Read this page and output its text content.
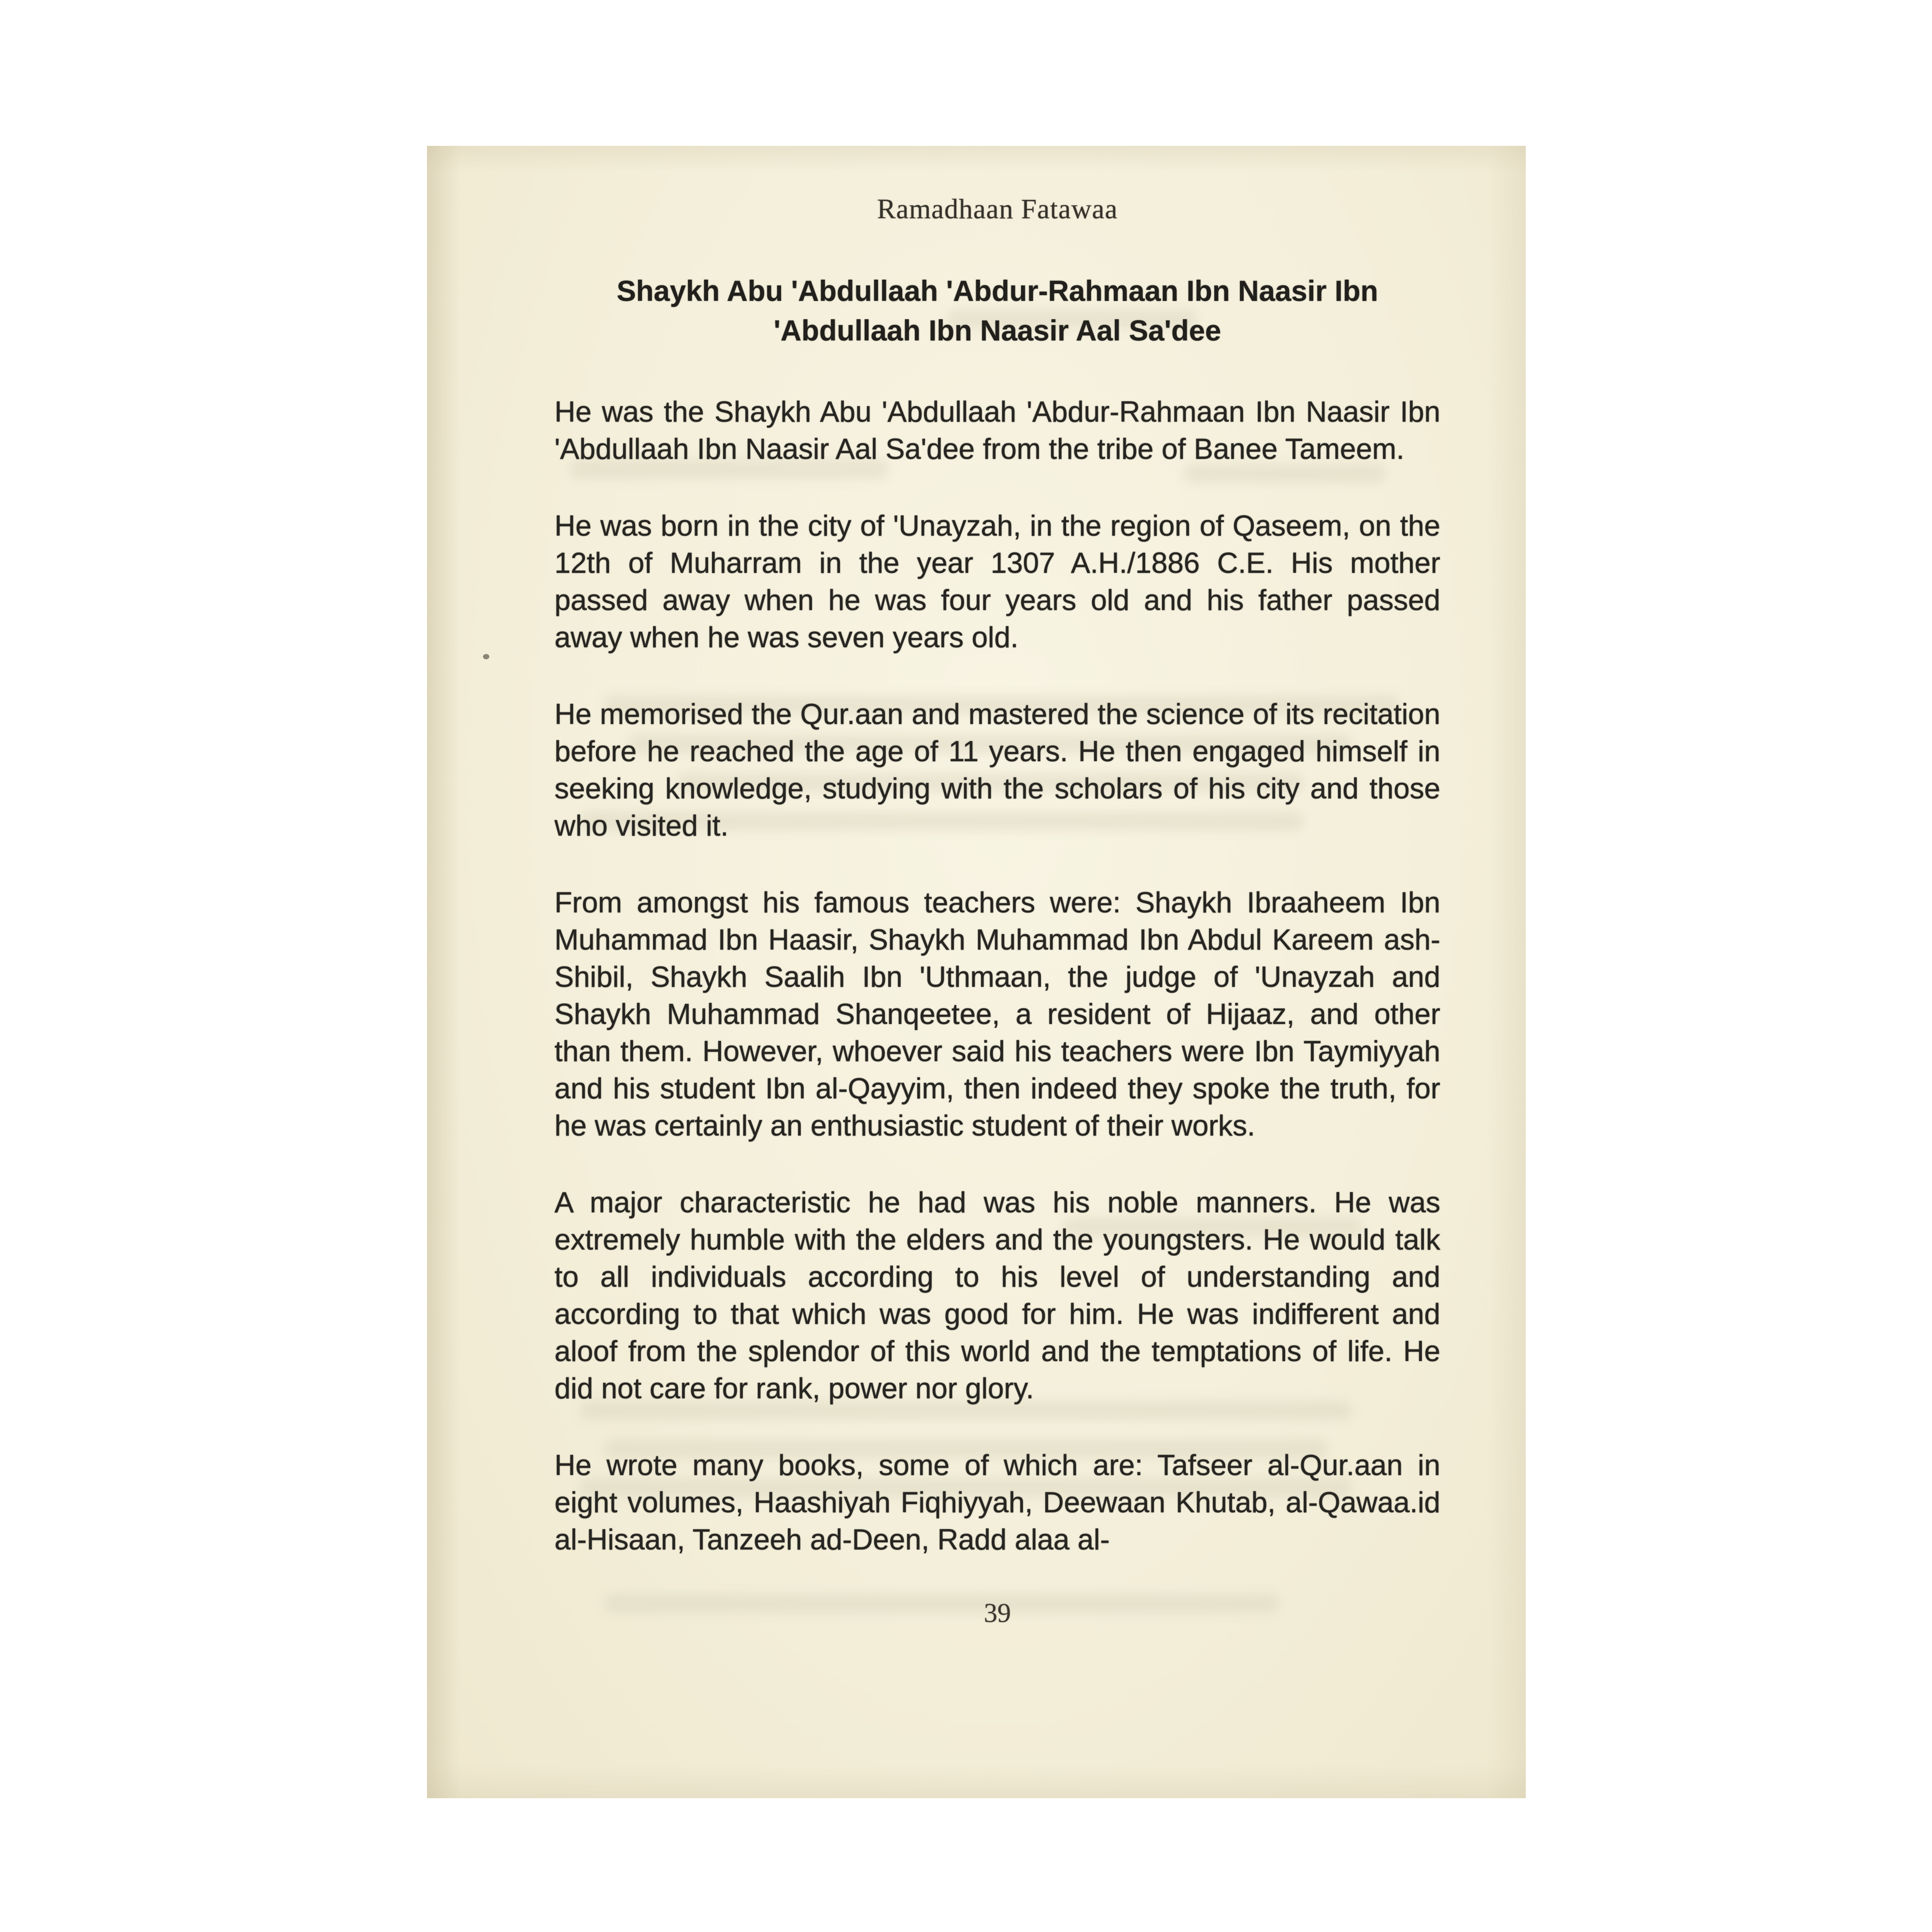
Ramadhaan Fatawaa
Shaykh Abu 'Abdullaah 'Abdur-Rahmaan Ibn Naasir Ibn
'Abdullaah Ibn Naasir Aal Sa'dee

He was the Shaykh Abu 'Abdullaah 'Abdur-Rahmaan Ibn Naasir Ibn 'Abdullaah Ibn Naasir Aal Sa'dee from the tribe of Banee Tameem.

He was born in the city of 'Unayzah, in the region of Qaseem, on the 12th of Muharram in the year 1307 A.H./1886 C.E. His mother passed away when he was four years old and his father passed away when he was seven years old.

He memorised the Qur.aan and mastered the science of its recitation before he reached the age of 11 years. He then engaged himself in seeking knowledge, studying with the scholars of his city and those who visited it.

From amongst his famous teachers were: Shaykh Ibraaheem Ibn Muhammad Ibn Haasir, Shaykh Muhammad Ibn Abdul Kareem ash-Shibil, Shaykh Saalih Ibn 'Uthmaan, the judge of 'Unayzah and Shaykh Muhammad Shanqeetee, a resident of Hijaaz, and other than them. However, whoever said his teachers were Ibn Taymiyyah and his student Ibn al-Qayyim, then indeed they spoke the truth, for he was certainly an enthusiastic student of their works.

A major characteristic he had was his noble manners. He was extremely humble with the elders and the youngsters. He would talk to all individuals according to his level of understanding and according to that which was good for him. He was indifferent and aloof from the splendor of this world and the temptations of life. He did not care for rank, power nor glory.

He wrote many books, some of which are: Tafseer al-Qur.aan in eight volumes, Haashiyah Fiqhiyyah, Deewaan Khutab, al-Qawaa.id al-Hisaan, Tanzeeh ad-Deen, Radd alaa al-

39
